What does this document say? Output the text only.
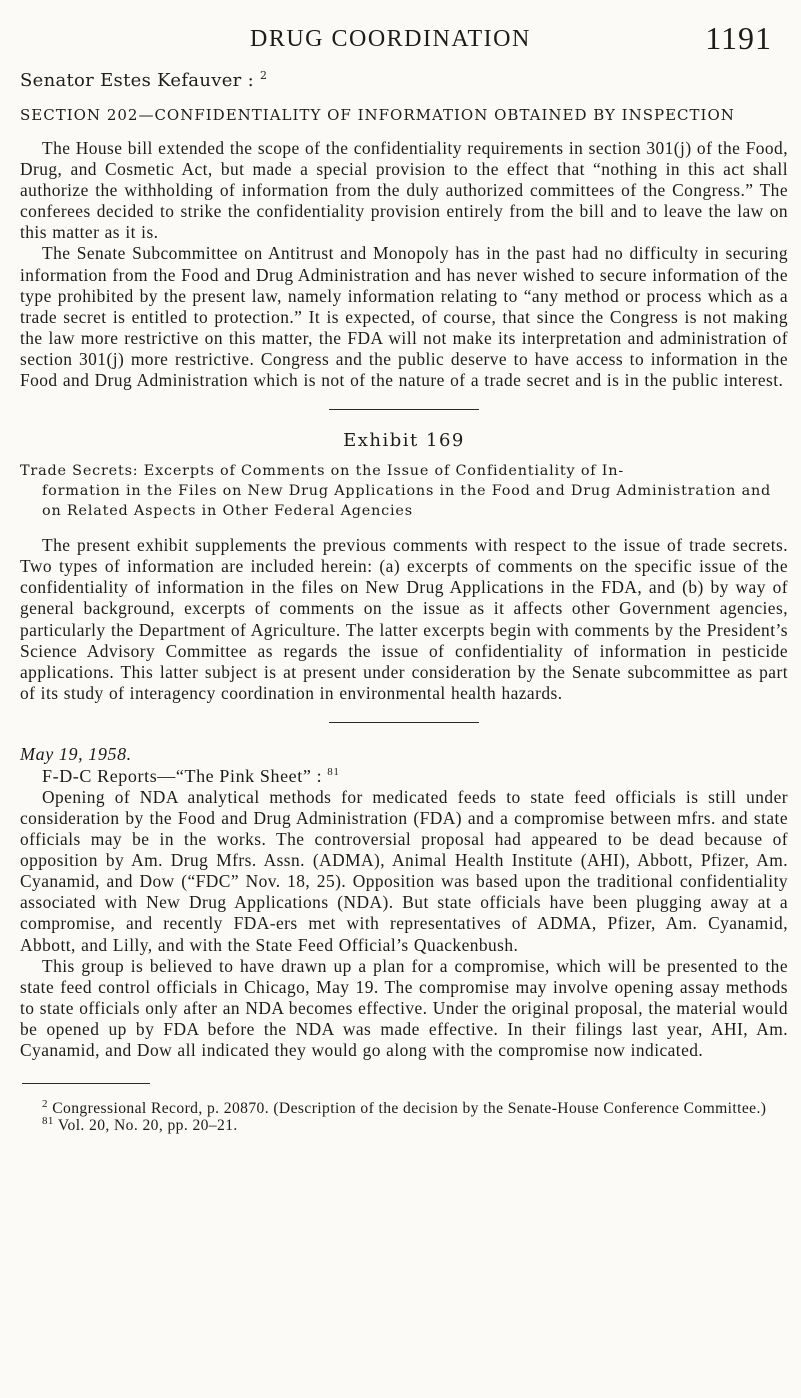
DRUG COORDINATION	1191
Senator Estes Kefauver : $^2$
SECTION 202—CONFIDENTIALITY OF INFORMATION OBTAINED BY INSPECTION

The House bill extended the scope of the confidentiality requirements in section 301(j) of the Food, Drug, and Cosmetic Act, but made a special provision to the effect that “nothing in this act shall authorize the withholding of information from the duly authorized committees of the Congress.” The conferees decided to strike the confidentiality provision entirely from the bill and to leave the law on this matter as it is.

The Senate Subcommittee on Antitrust and Monopoly has in the past had no difficulty in securing information from the Food and Drug Administration and has never wished to secure information of the type prohibited by the present law, namely information relating to “any method or process which as a trade secret is entitled to protection.” It is expected, of course, that since the Congress is not making the law more restrictive on this matter, the FDA will not make its interpretation and administration of section 301(j) more restrictive. Congress and the public deserve to have access to information in the Food and Drug Administration which is not of the nature of a trade secret and is in the public interest.

Exhibit 169
Trade Secrets: Excerpts of Comments on the Issue of Confidentiality of In-
formation in the Files on New Drug Applications in the Food and Drug Administration and on Related Aspects in Other Federal Agencies

The present exhibit supplements the previous comments with respect to the issue of trade secrets. Two types of information are included herein: (a) excerpts of comments on the specific issue of the confidentiality of information in the files on New Drug Applications in the FDA, and (b) by way of general background, excerpts of comments on the issue as it affects other Government agencies, particularly the Department of Agriculture. The latter excerpts begin with comments by the President’s Science Advisory Committee as regards the issue of confidentiality of information in pesticide applications. This latter subject is at present under consideration by the Senate subcommittee as part of its study of interagency coordination in environmental health hazards.

May 19, 1958.
F-D-C Reports—“The Pink Sheet” : $^{81}$

Opening of NDA analytical methods for medicated feeds to state feed officials is still under consideration by the Food and Drug Administration (FDA) and a compromise between mfrs. and state officials may be in the works. The controversial proposal had appeared to be dead because of opposition by Am. Drug Mfrs. Assn. (ADMA), Animal Health Institute (AHI), Abbott, Pfizer, Am. Cyanamid, and Dow (“FDC” Nov. 18, 25). Opposition was based upon the traditional confidentiality associated with New Drug Applications (NDA). But state officials have been plugging away at a compromise, and recently FDA-ers met with representatives of ADMA, Pfizer, Am. Cyanamid, Abbott, and Lilly, and with the State Feed Official’s Quackenbush.

This group is believed to have drawn up a plan for a compromise, which will be presented to the state feed control officials in Chicago, May 19. The compromise may involve opening assay methods to state officials only after an NDA becomes effective. Under the original proposal, the material would be opened up by FDA before the NDA was made effective. In their filings last year, AHI, Am. Cyanamid, and Dow all indicated they would go along with the compromise now indicated.

$^2$ Congressional Record, p. 20870. (Description of the decision by the Senate-House Conference Committee.)
$^{81}$ Vol. 20, No. 20, pp. 20–21.
